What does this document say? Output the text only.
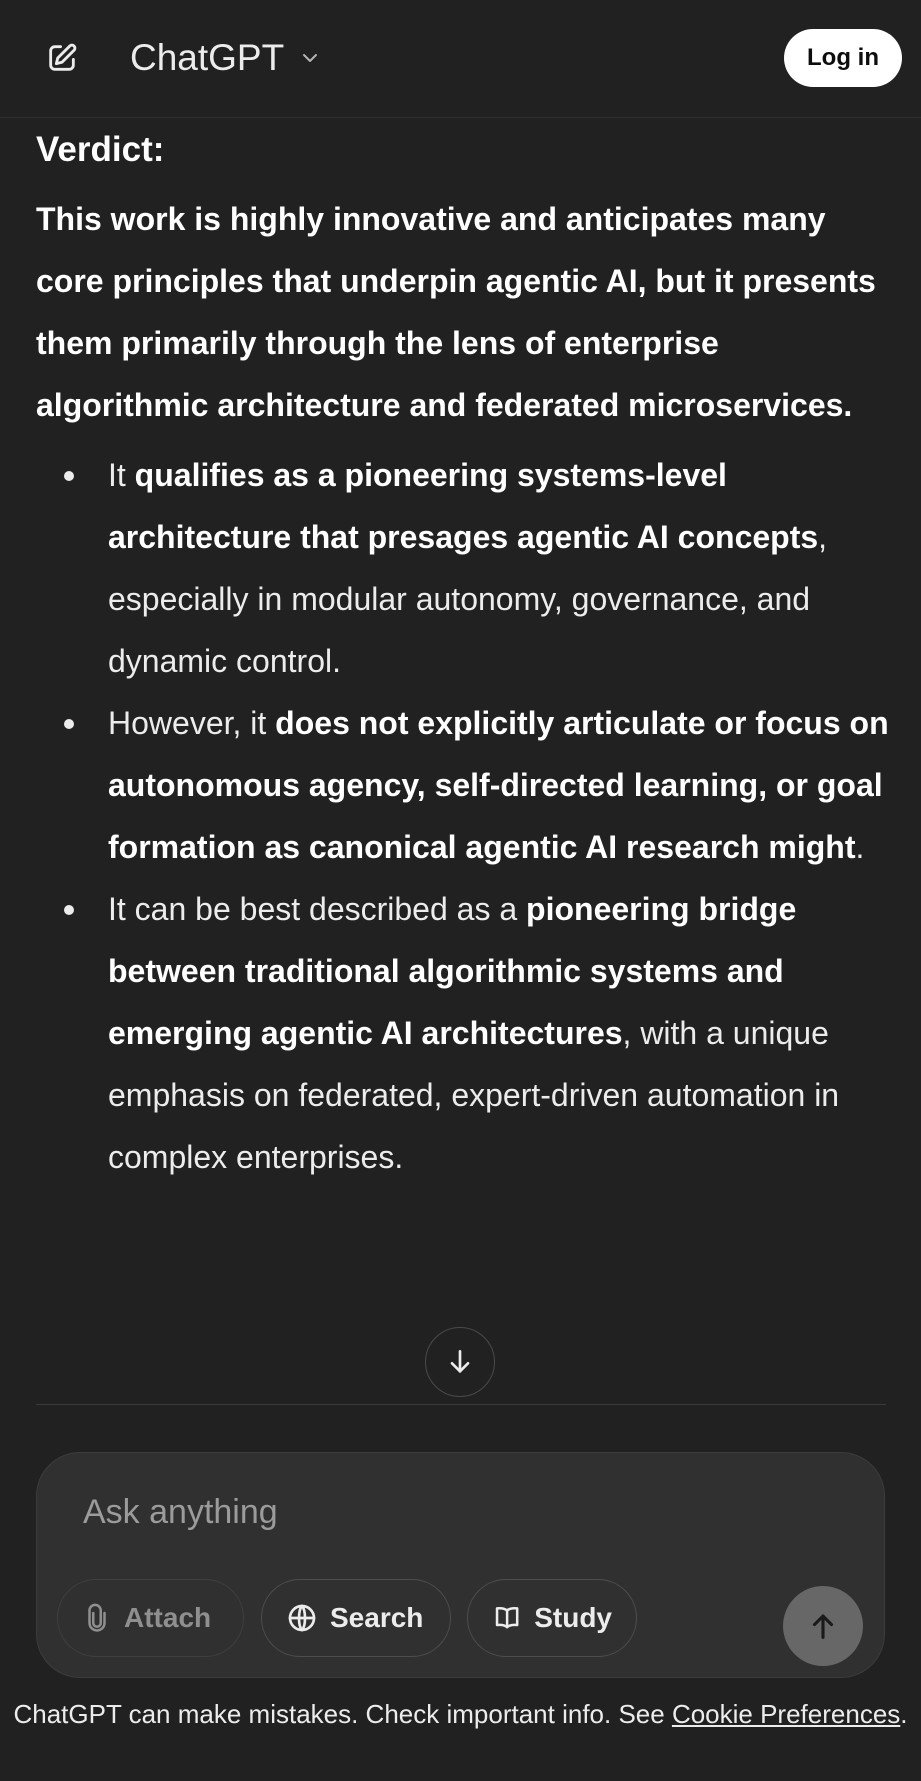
ChatGPT	Log in
Verdict:

This work is highly innovative and anticipates many core principles that underpin agentic AI, but it presents them primarily through the lens of enterprise algorithmic architecture and federated microservices.

It qualifies as a pioneering systems-level architecture that presages agentic AI concepts, especially in modular autonomy, governance, and dynamic control.
However, it does not explicitly articulate or focus on autonomous agency, self-directed learning, or goal formation as canonical agentic AI research might.
It can be best described as a pioneering bridge between traditional algorithmic systems and emerging agentic AI architectures, with a unique emphasis on federated, expert-driven automation in complex enterprises.
Ask anything
Attach	Search	Study
ChatGPT can make mistakes. Check important info. See Cookie Preferences.
